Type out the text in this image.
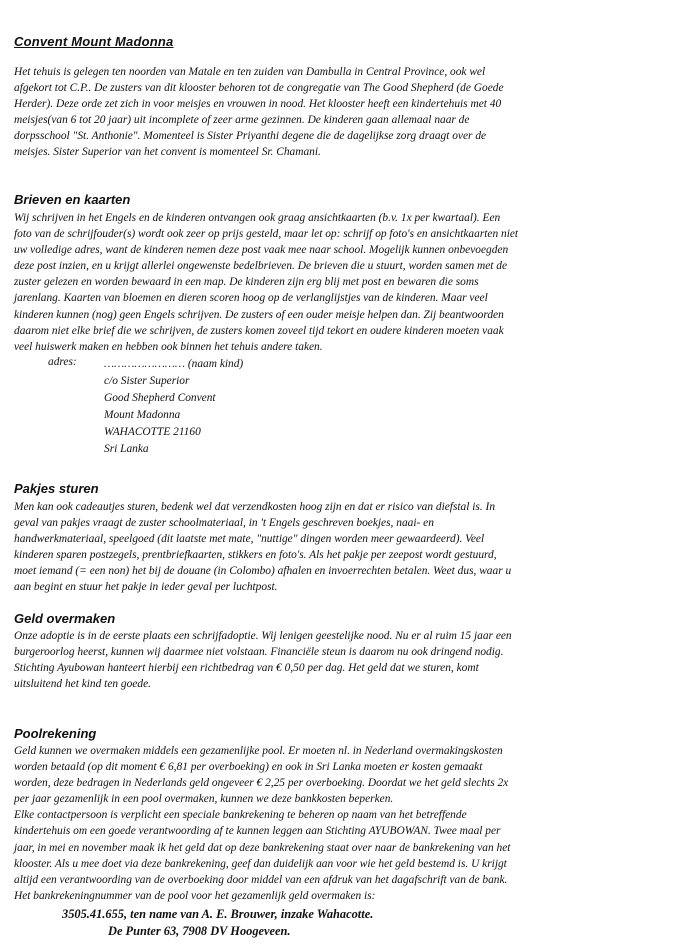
Convent Mount Madonna
Het tehuis is gelegen ten noorden van Matale en ten zuiden van Dambulla in Central Province, ook wel
afgekort tot C.P.. De zusters van dit klooster behoren tot de congregatie van The Good Shepherd (de Goede
Herder). Deze orde zet zich in voor meisjes en vrouwen in nood. Het klooster heeft een kindertehuis met 40
meisjes(van 6 tot 20 jaar) uit incomplete of zeer arme gezinnen. De kinderen gaan allemaal naar de
dorpsschool "St. Anthonie". Momenteel is Sister Priyanthi degene die de dagelijkse zorg draagt over de
meisjes. Sister Superior van het convent is momenteel Sr. Chamani.
Brieven en kaarten
Wij schrijven in het Engels en de kinderen ontvangen ook graag ansichtkaarten (b.v. 1x per kwartaal). Een
foto van de schrijfouder(s) wordt ook zeer op prijs gesteld, maar let op: schrijf op foto's en ansichtkaarten niet
uw volledige adres, want de kinderen nemen deze post vaak mee naar school. Mogelijk kunnen onbevoegden
deze post inzien, en u krijgt allerlei ongewenste bedelbrieven. De brieven die u stuurt, worden samen met de
zuster gelezen en worden bewaard in een map. De kinderen zijn erg blij met post en bewaren die soms
jarenlang. Kaarten van bloemen en dieren scoren hoog op de verlanglijstjes van de kinderen. Maar veel
kinderen kunnen (nog) geen Engels schrijven. De zusters of een ouder meisje helpen dan. Zij beantwoorden
daarom niet elke brief die we schrijven, de zusters komen zoveel tijd tekort en oudere kinderen moeten vaak
veel huiswerk maken en hebben ook binnen het tehuis andere taken.
adres: …………………… (naam kind)
c/o Sister Superior
Good Shepherd Convent
Mount Madonna
WAHACOTTE 21160
Sri Lanka
Pakjes sturen
Men kan ook cadeautjes sturen, bedenk wel dat verzendkosten hoog zijn en dat er risico van diefstal is. In
geval van pakjes vraagt de zuster schoolmateriaal, in 't Engels geschreven boekjes, naai- en
handwerkmateriaal, speelgoed (dit laatste met mate, "nuttige" dingen worden meer gewaardeerd). Veel
kinderen sparen postzegels, prentbriefkaarten, stikkers en foto's. Als het pakje per zeepost wordt gestuurd,
moet iemand (= een non) het bij de douane (in Colombo) afhalen en invoerrechten betalen. Weet dus, waar u
aan begint en stuur het pakje in ieder geval per luchtpost.
Geld overmaken
Onze adoptie is in de eerste plaats een schrijfadoptie. Wij lenigen geestelijke nood. Nu er al ruim 15 jaar een
burgeroorlog heerst, kunnen wij daarmee niet volstaan. Financiële steun is daarom nu ook dringend nodig.
Stichting Ayubowan hanteert hierbij een richtbedrag van € 0,50 per dag. Het geld dat we sturen, komt
uitsluitend het kind ten goede.
Poolrekening
Geld kunnen we overmaken middels een gezamenlijke pool. Er moeten nl. in Nederland overmakingskosten
worden betaald (op dit moment € 6,81 per overboeking) en ook in Sri Lanka moeten er kosten gemaakt
worden, deze bedragen in Nederlands geld ongeveer € 2,25 per overboeking. Doordat we het geld slechts 2x
per jaar gezamenlijk in een pool overmaken, kunnen we deze bankkosten beperken.
Elke contactpersoon is verplicht een speciale bankrekening te beheren op naam van het betreffende
kindertehuis om een goede verantwoording af te kunnen leggen aan Stichting AYUBOWAN. Twee maal per
jaar, in mei en november maak ik het geld dat op deze bankrekening staat over naar de bankrekening van het
klooster. Als u mee doet via deze bankrekening, geef dan duidelijk aan voor wie het geld bestemd is. U krijgt
altijd een verantwoording van de overboeking door middel van een afdruk van het dagafschrift van de bank.
Het bankrekeningnummer van de pool voor het gezamenlijk geld overmaken is:
3505.41.655, ten name van A. E. Brouwer, inzake Wahacotte.
De Punter 63, 7908 DV Hoogeveen.
